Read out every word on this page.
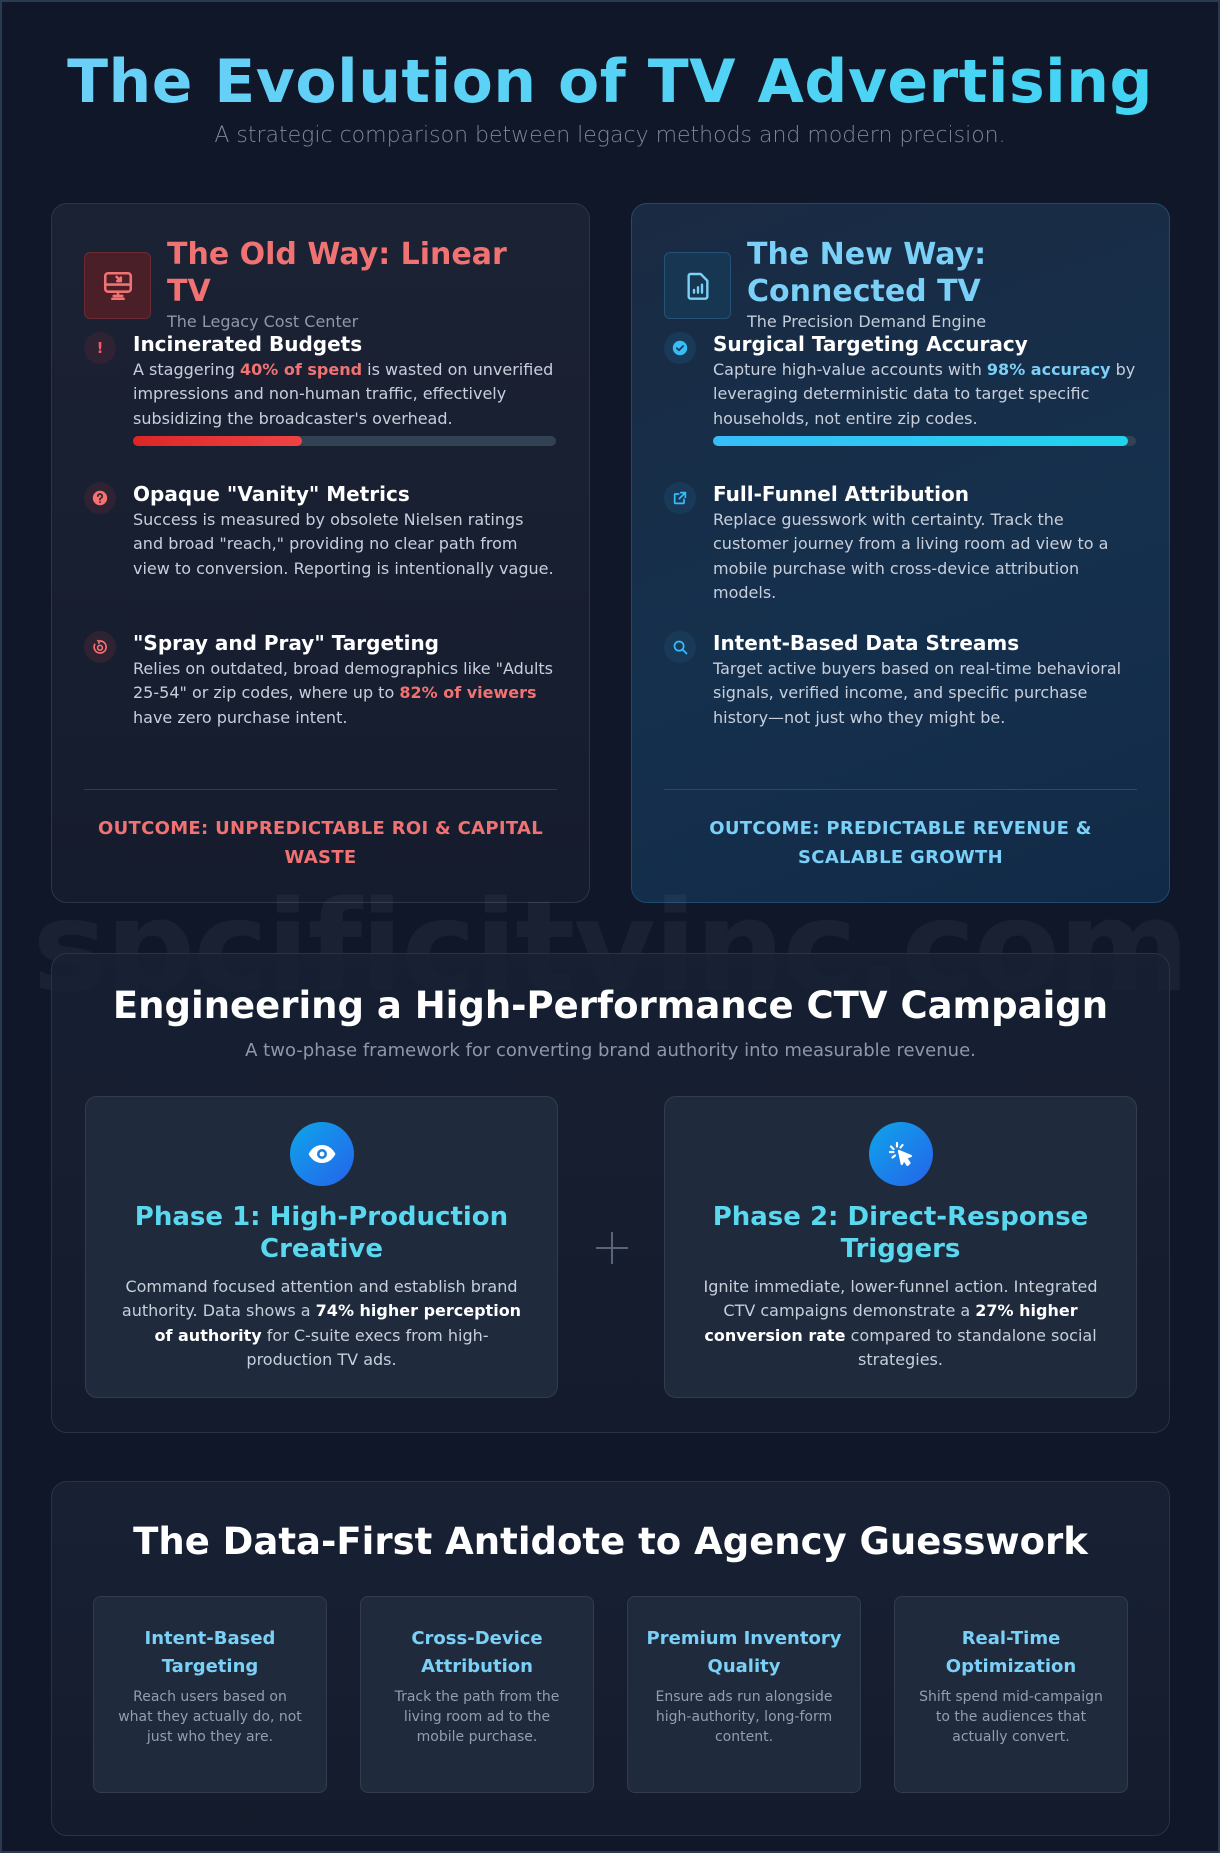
The Evolution of TV Advertising

A strategic comparison between legacy methods and modern precision.

The Old Way: Linear TV
The Legacy Cost Center
! Incinerated Budgets
A staggering 40% of spend is wasted on unverified impressions and non-human traffic, effectively subsidizing the broadcaster's overhead.
Opaque "Vanity" Metrics
Success is measured by obsolete Nielsen ratings and broad "reach," providing no clear path from view to conversion. Reporting is intentionally vague.
"Spray and Pray" Targeting
Relies on outdated, broad demographics like "Adults 25-54" or zip codes, where up to 82% of viewers have zero purchase intent.
OUTCOME: UNPREDICTABLE ROI & CAPITAL WASTE
The New Way: Connected TV
The Precision Demand Engine
Surgical Targeting Accuracy
Capture high-value accounts with 98% accuracy by leveraging deterministic data to target specific households, not entire zip codes.
Full-Funnel Attribution
Replace guesswork with certainty. Track the customer journey from a living room ad view to a mobile purchase with cross-device attribution models.
Intent-Based Data Streams
Target active buyers based on real-time behavioral signals, verified income, and specific purchase history—not just who they might be.
OUTCOME: PREDICTABLE REVENUE & SCALABLE GROWTH
Engineering a High-Performance CTV Campaign

A two-phase framework for converting brand authority into measurable revenue.

Phase 1: High-Production Creative
Command focused attention and establish brand authority. Data shows a 74% higher perception of authority for C-suite execs from high-production TV ads.
Phase 2: Direct-Response Triggers
Ignite immediate, lower-funnel action. Integrated CTV campaigns demonstrate a 27% higher conversion rate compared to standalone social strategies.
The Data-First Antidote to Agency Guesswork
Intent-Based Targeting
Reach users based on what they actually do, not just who they are.
Cross-Device Attribution
Track the path from the living room ad to the mobile purchase.
Premium Inventory Quality
Ensure ads run alongside high-authority, long-form content.
Real-Time Optimization
Shift spend mid-campaign to the audiences that actually convert.
